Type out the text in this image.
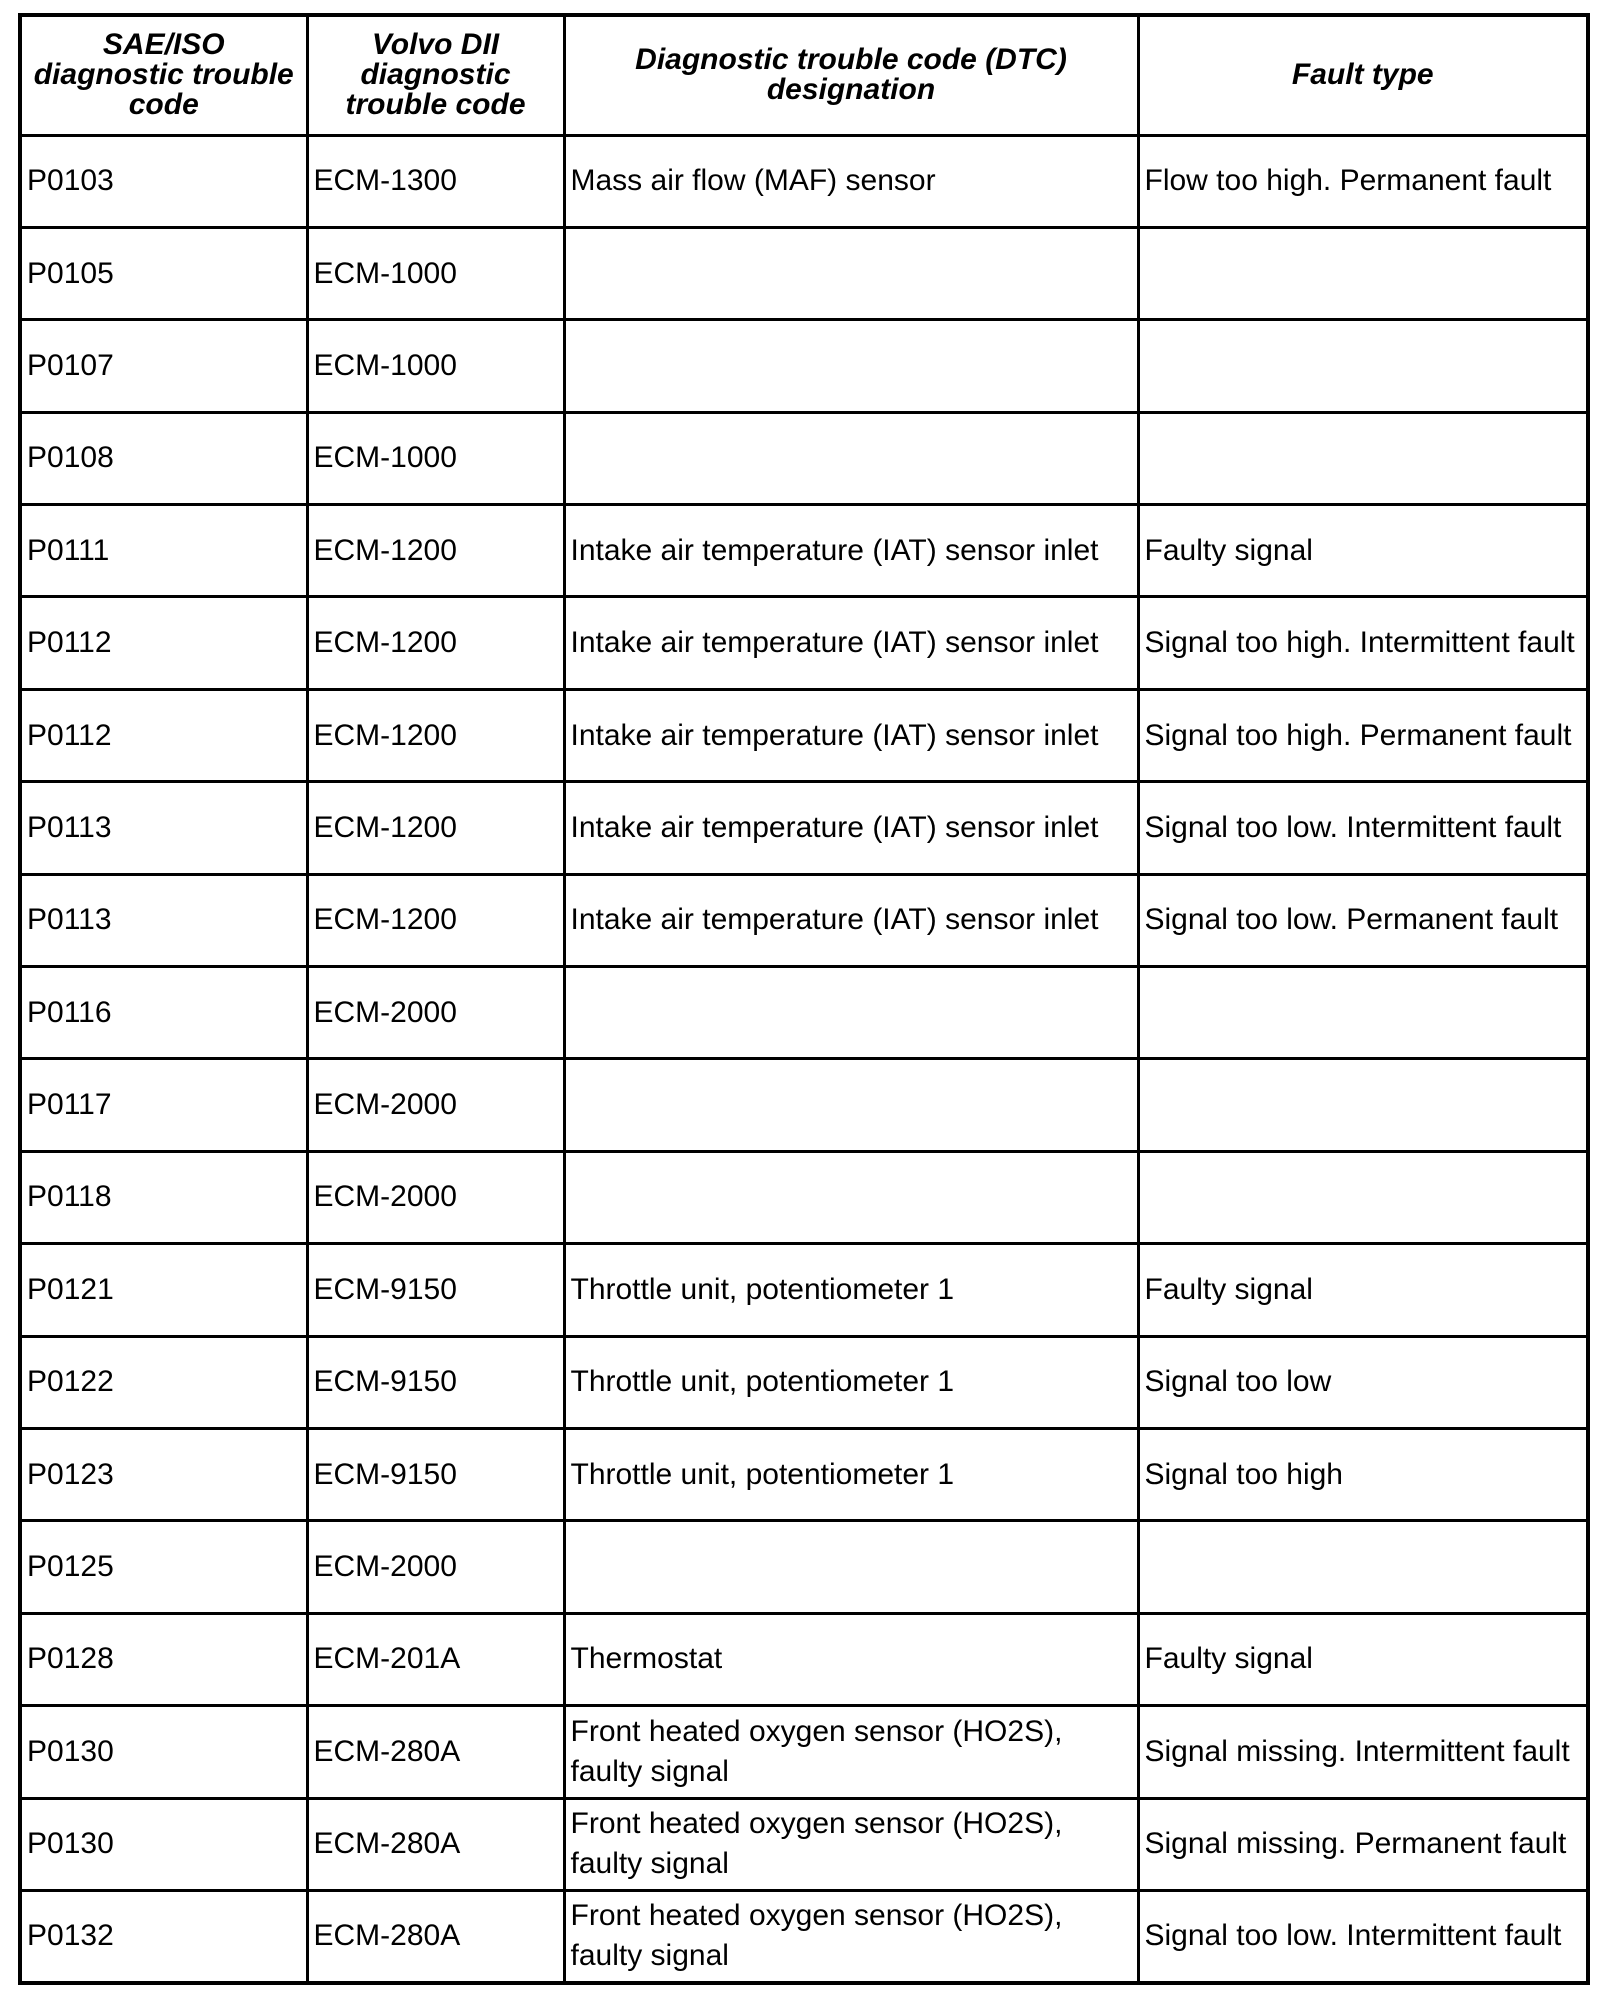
SAE/ISO diagnostic trouble code	Volvo DII diagnostic trouble code	Diagnostic trouble code (DTC) designation	Fault type
P0103	ECM-1300	Mass air flow (MAF) sensor	Flow too high. Permanent fault
P0105	ECM-1000		
P0107	ECM-1000		
P0108	ECM-1000		
P0111	ECM-1200	Intake air temperature (IAT) sensor inlet	Faulty signal
P0112	ECM-1200	Intake air temperature (IAT) sensor inlet	Signal too high. Intermittent fault
P0112	ECM-1200	Intake air temperature (IAT) sensor inlet	Signal too high. Permanent fault
P0113	ECM-1200	Intake air temperature (IAT) sensor inlet	Signal too low. Intermittent fault
P0113	ECM-1200	Intake air temperature (IAT) sensor inlet	Signal too low. Permanent fault
P0116	ECM-2000		
P0117	ECM-2000		
P0118	ECM-2000		
P0121	ECM-9150	Throttle unit, potentiometer 1	Faulty signal
P0122	ECM-9150	Throttle unit, potentiometer 1	Signal too low
P0123	ECM-9150	Throttle unit, potentiometer 1	Signal too high
P0125	ECM-2000		
P0128	ECM-201A	Thermostat	Faulty signal
P0130	ECM-280A	Front heated oxygen sensor (HO2S), faulty signal	Signal missing. Intermittent fault
P0130	ECM-280A	Front heated oxygen sensor (HO2S), faulty signal	Signal missing. Permanent fault
P0132	ECM-280A	Front heated oxygen sensor (HO2S), faulty signal	Signal too low. Intermittent fault
